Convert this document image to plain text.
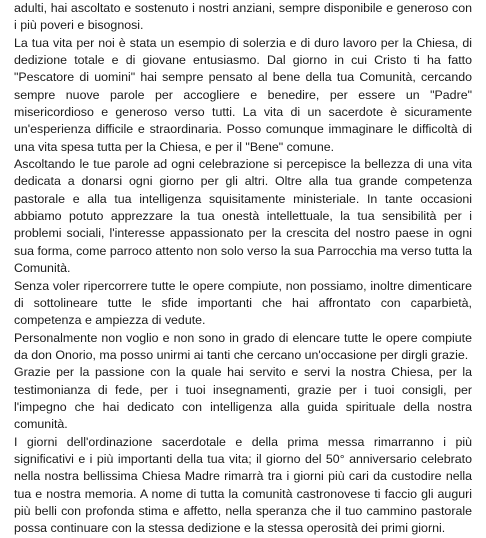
adulti, hai ascoltato e sostenuto i nostri anziani, sempre disponibile e generoso con i più poveri e bisognosi.

La tua vita per noi è stata un esempio di solerzia e di duro lavoro per la Chiesa, di dedizione totale e di giovane entusiasmo. Dal giorno in cui Cristo ti ha fatto "Pescatore di uomini" hai sempre pensato al bene della tua Comunità, cercando sempre nuove parole per accogliere e benedire, per essere un "Padre" misericordioso e generoso verso tutti. La vita di un sacerdote è sicuramente un'esperienza difficile e straordinaria. Posso comunque immaginare le difficoltà di una vita spesa tutta per la Chiesa, e per il "Bene" comune.

Ascoltando le tue parole ad ogni celebrazione si percepisce la bellezza di una vita dedicata a donarsi ogni giorno per gli altri. Oltre alla tua grande competenza pastorale e alla tua intelligenza squisitamente ministeriale. In tante occasioni abbiamo potuto apprezzare la tua onestà intellettuale, la tua sensibilità per i problemi sociali, l'interesse appassionato per la crescita del nostro paese in ogni sua forma, come parroco attento non solo verso la sua Parrocchia ma verso tutta la Comunità.

Senza voler ripercorrere tutte le opere compiute, non possiamo, inoltre dimenticare di sottolineare tutte le sfide importanti che hai affrontato con caparbietà, competenza e ampiezza di vedute.

Personalmente non voglio e non sono in grado di elencare tutte le opere compiute da don Onorio, ma posso unirmi ai tanti che cercano un'occasione per dirgli grazie.

Grazie per la passione con la quale hai servito e servi la nostra Chiesa, per la testimonianza di fede, per i tuoi insegnamenti, grazie per i tuoi consigli, per l'impegno che hai dedicato con intelligenza alla guida spirituale della nostra comunità.

I giorni dell'ordinazione sacerdotale e della prima messa rimarranno i più significativi e i più importanti della tua vita; il giorno del 50° anniversario celebrato nella nostra bellissima Chiesa Madre rimarrà tra i giorni più cari da custodire nella tua e nostra memoria. A nome di tutta la comunità castronovese ti faccio gli auguri più belli con profonda stima e affetto, nella speranza che il tuo cammino pastorale possa continuare con la stessa dedizione e la stessa operosità dei primi giorni.
